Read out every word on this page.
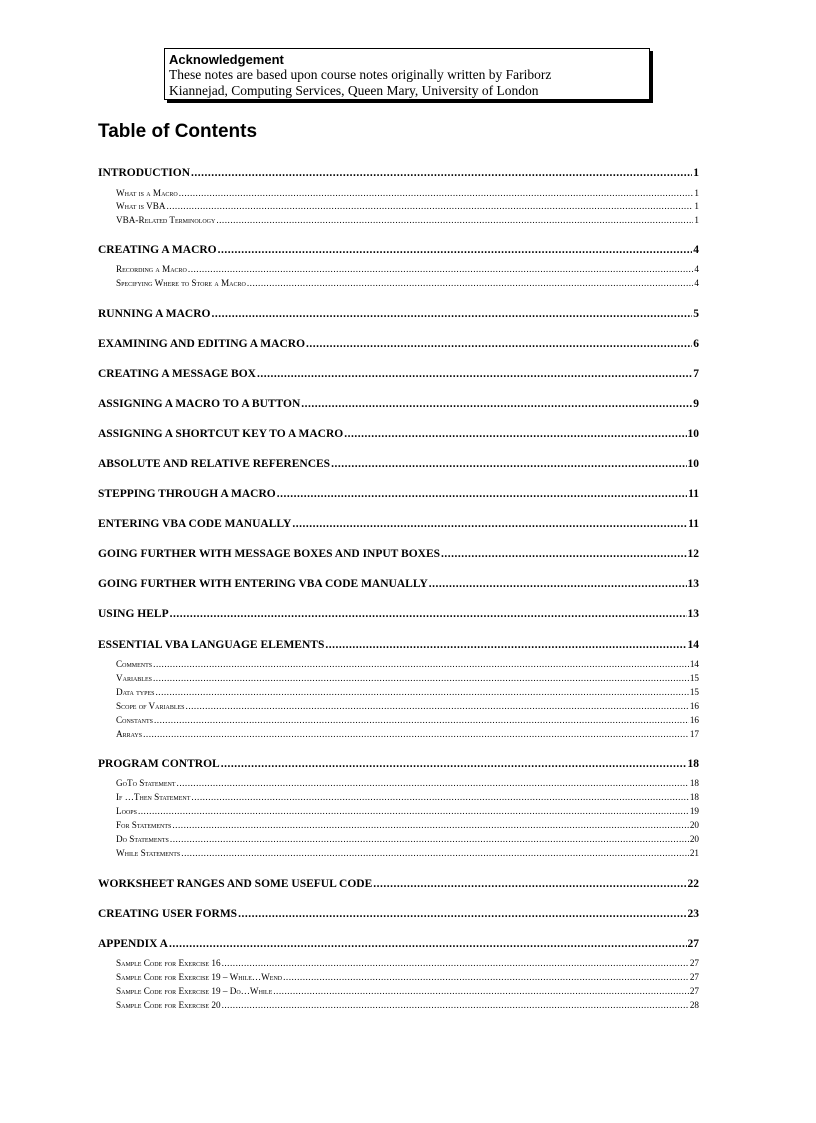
Acknowledgement
These notes are based upon course notes originally written by Fariborz
Kiannejad, Computing Services, Queen Mary, University of London
Table of Contents
INTRODUCTION .....	1
What is a Macro .....	1
What is VBA .....	1
VBA-Related Terminology .....	1
CREATING A MACRO .....	4
Recording a Macro .....	4
Specifying Where to Store a Macro .....	4
RUNNING A MACRO .....	5
EXAMINING AND EDITING A MACRO .....	6
CREATING A MESSAGE BOX .....	7
ASSIGNING A MACRO TO A BUTTON .....	9
ASSIGNING A SHORTCUT KEY TO A MACRO .....	10
ABSOLUTE AND RELATIVE REFERENCES .....	10
STEPPING THROUGH A MACRO .....	11
ENTERING VBA CODE MANUALLY .....	11
GOING FURTHER WITH MESSAGE BOXES AND INPUT BOXES .....	12
GOING FURTHER WITH ENTERING VBA CODE MANUALLY .....	13
USING HELP .....	13
ESSENTIAL VBA LANGUAGE ELEMENTS .....	14
Comments .....	14
Variables .....	15
Data types .....	15
Scope of Variables .....	16
Constants .....	16
Arrays .....	17
PROGRAM CONTROL .....	18
GoTo Statement .....	18
If …Then Statement .....	18
Loops .....	19
For Statements .....	20
Do Statements .....	20
While Statements .....	21
WORKSHEET RANGES AND SOME USEFUL CODE .....	22
CREATING USER FORMS .....	23
APPENDIX A .....	27
Sample Code for Exercise 16 .....	27
Sample Code for Exercise 19 – While…Wend .....	27
Sample Code for Exercise 19 – Do…While .....	27
Sample Code for Exercise 20 .....	28
